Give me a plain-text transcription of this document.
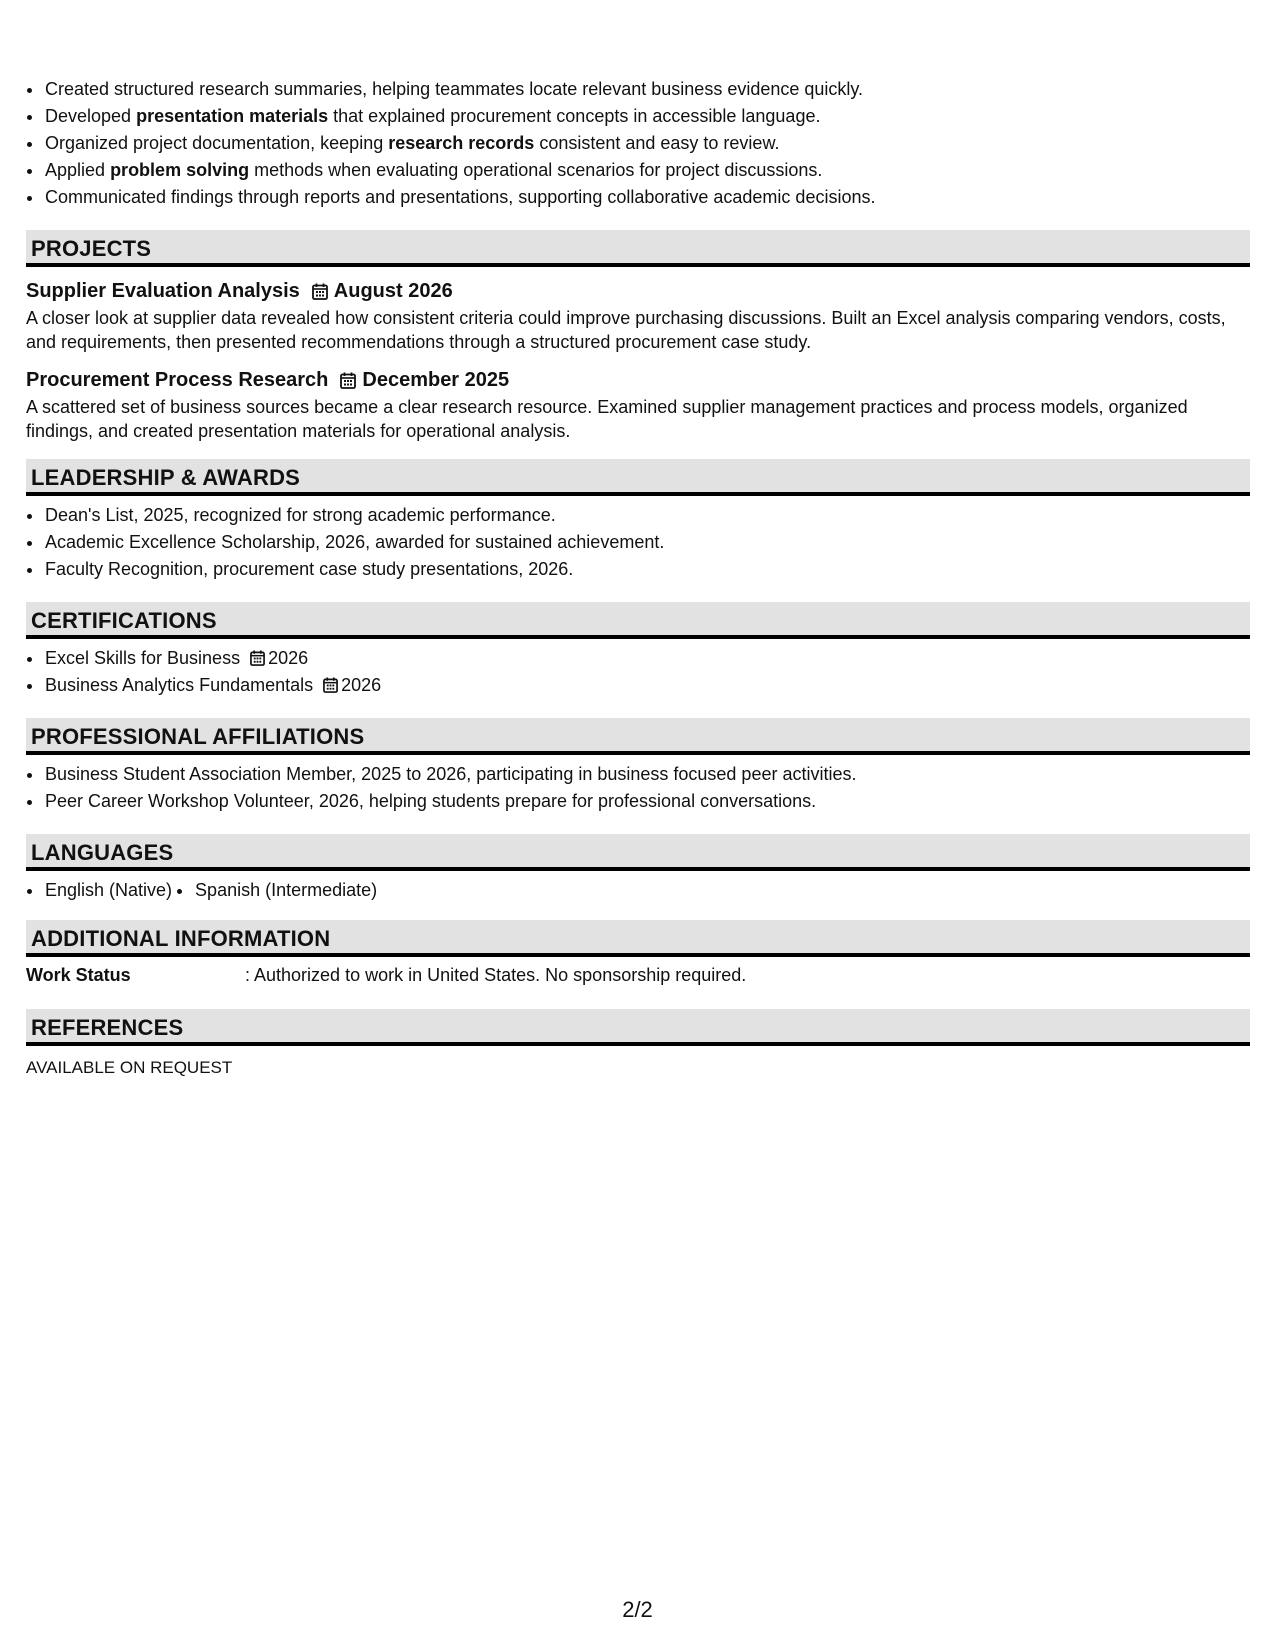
• Created structured research summaries, helping teammates locate relevant business evidence quickly.
• Developed presentation materials that explained procurement concepts in accessible language.
• Organized project documentation, keeping research records consistent and easy to review.
• Applied problem solving methods when evaluating operational scenarios for project discussions.
• Communicated findings through reports and presentations, supporting collaborative academic decisions.
PROJECTS
Supplier Evaluation Analysis August 2026

A closer look at supplier data revealed how consistent criteria could improve purchasing discussions. Built an Excel analysis comparing vendors, costs, and requirements, then presented recommendations through a structured procurement case study.

Procurement Process Research December 2025

A scattered set of business sources became a clear research resource. Examined supplier management practices and process models, organized findings, and created presentation materials for operational analysis.

LEADERSHIP & AWARDS
• Dean's List, 2025, recognized for strong academic performance.
• Academic Excellence Scholarship, 2026, awarded for sustained achievement.
• Faculty Recognition, procurement case study presentations, 2026.
CERTIFICATIONS
• Excel Skills for Business 2026
• Business Analytics Fundamentals 2026
PROFESSIONAL AFFILIATIONS
• Business Student Association Member, 2025 to 2026, participating in business focused peer activities.
• Peer Career Workshop Volunteer, 2026, helping students prepare for professional conversations.
LANGUAGES
• English (Native)
• Spanish (Intermediate)
ADDITIONAL INFORMATION
Work Status	: Authorized to work in United States. No sponsorship required.
REFERENCES
AVAILABLE ON REQUEST
2/2
